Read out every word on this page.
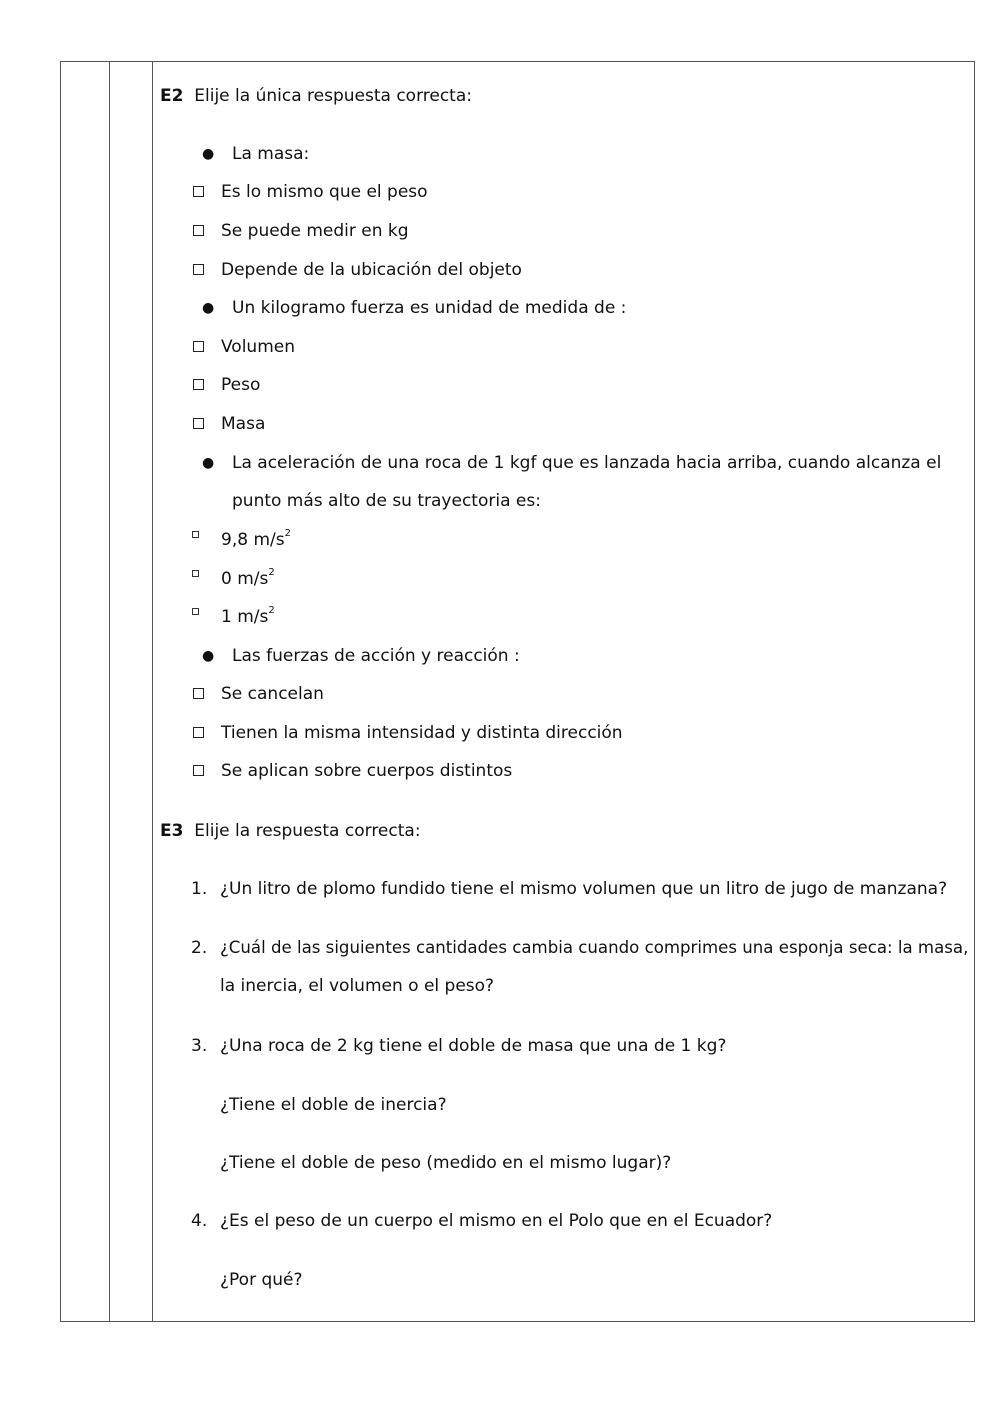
E2 Elije la única respuesta correcta:
● La masa:
Es lo mismo que el peso
Se puede medir en kg
Depende de la ubicación del objeto
● Un kilogramo fuerza es unidad de medida de :
Volumen
Peso
Masa
● La aceleración de una roca de 1 kgf que es lanzada hacia arriba, cuando alcanza el
punto más alto de su trayectoria es:
9,8 $m/s^2$
0 $m/s^2$
1 $m/s^2$
● Las fuerzas de acción y reacción :
Se cancelan
Tienen la misma intensidad y distinta dirección
Se aplican sobre cuerpos distintos
E3 Elije la respuesta correcta:
1. ¿Un litro de plomo fundido tiene el mismo volumen que un litro de jugo de manzana?
2. ¿Cuál de las siguientes cantidades cambia cuando comprimes una esponja seca: la masa,
la inercia, el volumen o el peso?
3. ¿Una roca de 2 kg tiene el doble de masa que una de 1 kg?
¿Tiene el doble de inercia?
¿Tiene el doble de peso (medido en el mismo lugar)?
4. ¿Es el peso de un cuerpo el mismo en el Polo que en el Ecuador?
¿Por qué?
